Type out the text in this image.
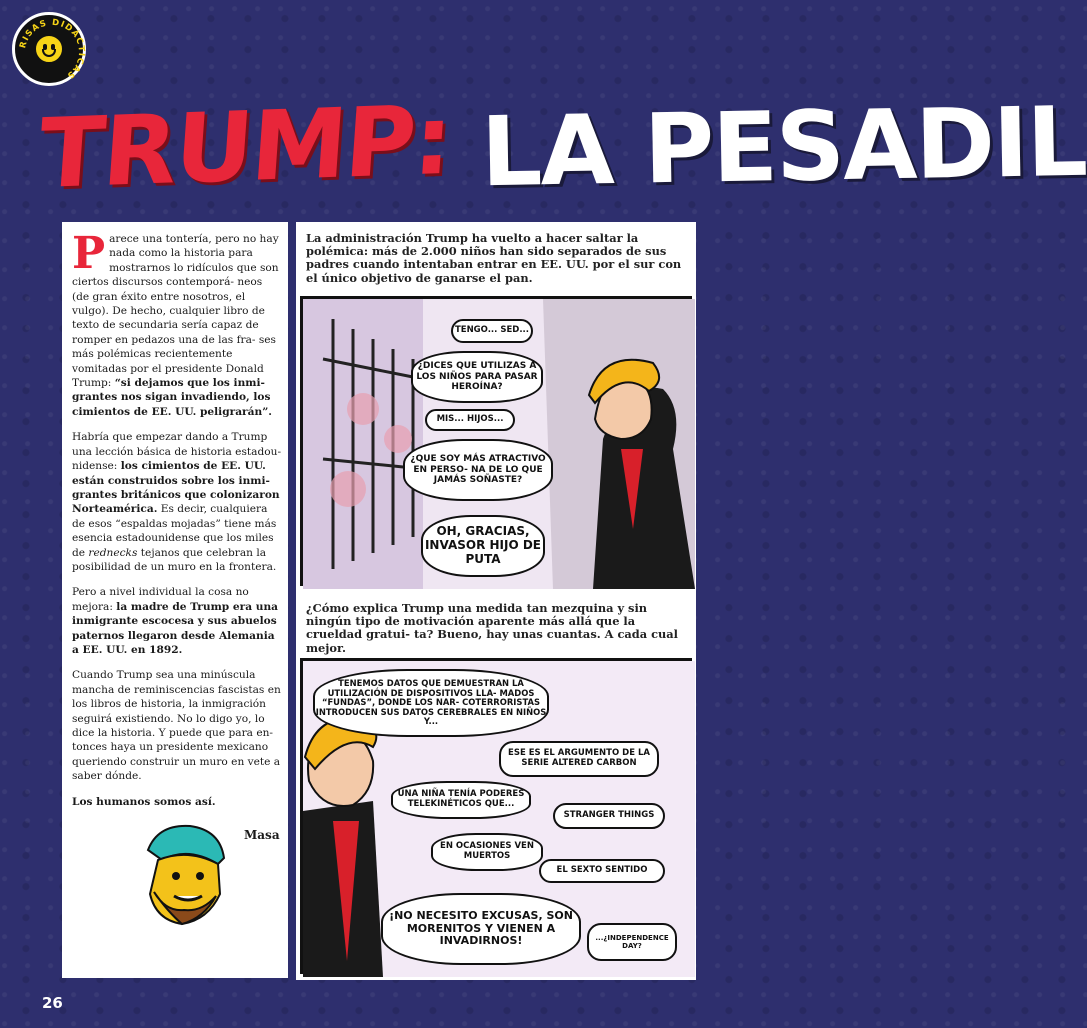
RISAS DIDÁCTICAS
TRUMP: LA PESADIL

Parece una tontería, pero no hay nada como la historia para mostrarnos lo ridículos que son ciertos discursos contemporá- neos (de gran éxito entre nosotros, el vulgo). De hecho, cualquier libro de texto de secundaria sería capaz de romper en pedazos una de las fra- ses más polémicas recientemente vomitadas por el presidente Donald Trump: “si dejamos que los inmi- grantes nos sigan invadiendo, los cimientos de EE. UU. peligrarán”.

Habría que empezar dando a Trump una lección básica de historia estadou- nidense: los cimientos de EE. UU. están construidos sobre los inmi- grantes británicos que colonizaron Norteamérica. Es decir, cualquiera de esos “espaldas mojadas” tiene más esencia estadounidense que los miles de rednecks tejanos que celebran la posibilidad de un muro en la frontera.

Pero a nivel individual la cosa no mejora: la madre de Trump era una inmigrante escocesa y sus abuelos paternos llegaron desde Alemania a EE. UU. en 1892.

Cuando Trump sea una minúscula mancha de reminiscencias fascistas en los libros de historia, la inmigración seguirá existiendo. No lo digo yo, lo dice la historia. Y puede que para en- tonces haya un presidente mexicano queriendo construir un muro en vete a saber dónde.

Los humanos somos así.

Masa
La administración Trump ha vuelto a hacer saltar la polémica: más de 2.000 niños han sido separados de sus padres cuando intentaban entrar en EE. UU. por el sur con el único objetivo de ganarse el pan.
TENGO... SED...
¿DICES QUE UTILIZAS A LOS NIÑOS PARA PASAR HEROÍNA?
MIS... HIJOS...
¿QUE SOY MÁS ATRACTIVO EN PERSO- NA DE LO QUE JAMÁS SOÑASTE?
OH, GRACIAS, INVASOR HIJO DE PUTA
¿Cómo explica Trump una medida tan mezquina y sin ningún tipo de motivación aparente más allá que la crueldad gratui- ta? Bueno, hay unas cuantas. A cada cual mejor.
TENEMOS DATOS QUE DEMUESTRAN LA UTILIZACIÓN DE DISPOSITIVOS LLA- MADOS “FUNDAS”, DONDE LOS NAR- COTERRORISTAS INTRODUCEN SUS DATOS CEREBRALES EN NIÑOS Y...
ESE ES EL ARGUMENTO DE LA SERIE ALTERED CARBON
UNA NIÑA TENÍA PODERES TELEKINÉTICOS QUE...
STRANGER THINGS
EN OCASIONES VEN MUERTOS
EL SEXTO SENTIDO
¡NO NECESITO EXCUSAS, SON MORENITOS Y VIENEN A INVADIRNOS!	...¿INDEPENDENCE DAY?
26
